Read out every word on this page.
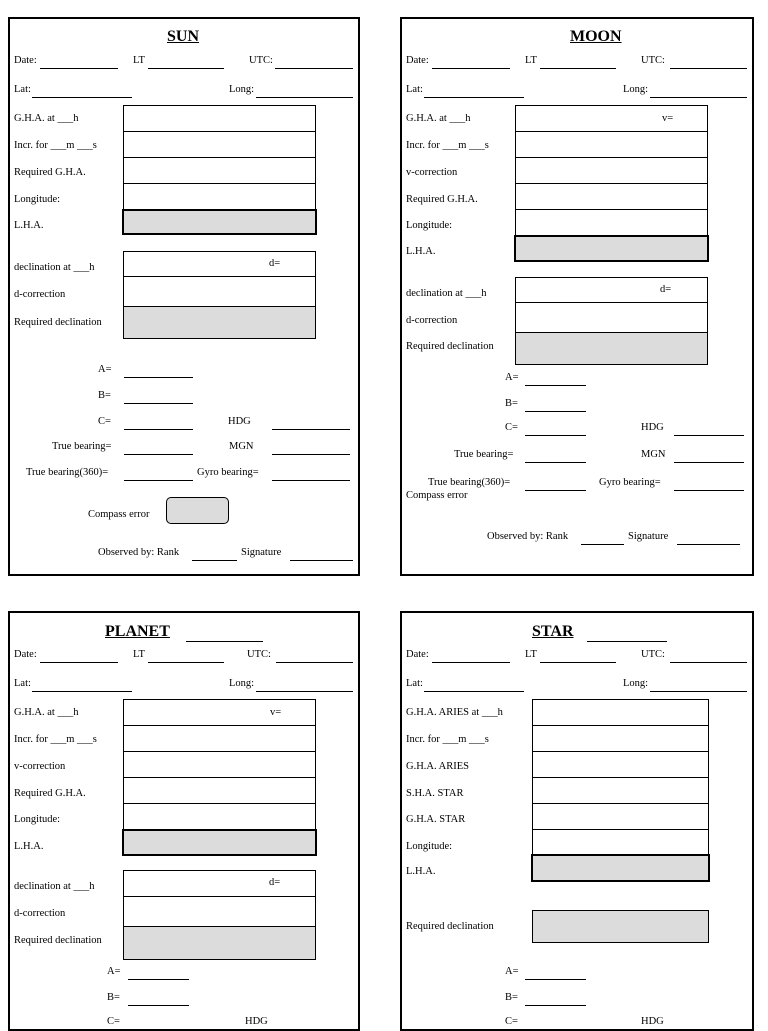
SUN
Date:	LT	UTC:
Lat:	Long:
G.H.A. at ___h
Incr. for ___m ___s
Required G.H.A.
Longitude:
L.H.A.
declination at ___h
d-correction
Required declination
d=
A=
B=
C=	HDG
True bearing=	MGN
True bearing(360)=	Gyro bearing=
Compass error
Observed by: Rank	Signature
MOON
Date:	LT	UTC:
Lat:	Long:
G.H.A. at ___h
Incr. for ___m ___s
v-correction
Required G.H.A.
Longitude:
L.H.A.
v=
declination at ___h
d-correction
Required declination
d=
A=
B=
C=	HDG
True bearing=	MGN
True bearing(360)=	Gyro bearing=
Compass error
Observed by: Rank	Signature
PLANET
Date:	LT	UTC:
Lat:	Long:
G.H.A. at ___h
Incr. for ___m ___s
v-correction
Required G.H.A.
Longitude:
L.H.A.
v=
declination at ___h
d-correction
Required declination
d=
A=
B=
C=	HDG
STAR
Date:	LT	UTC:
Lat:	Long:
G.H.A. ARIES at ___h
Incr. for ___m ___s
G.H.A. ARIES
S.H.A. STAR
G.H.A. STAR
Longitude:
L.H.A.
Required declination
A=
B=
C=	HDG
